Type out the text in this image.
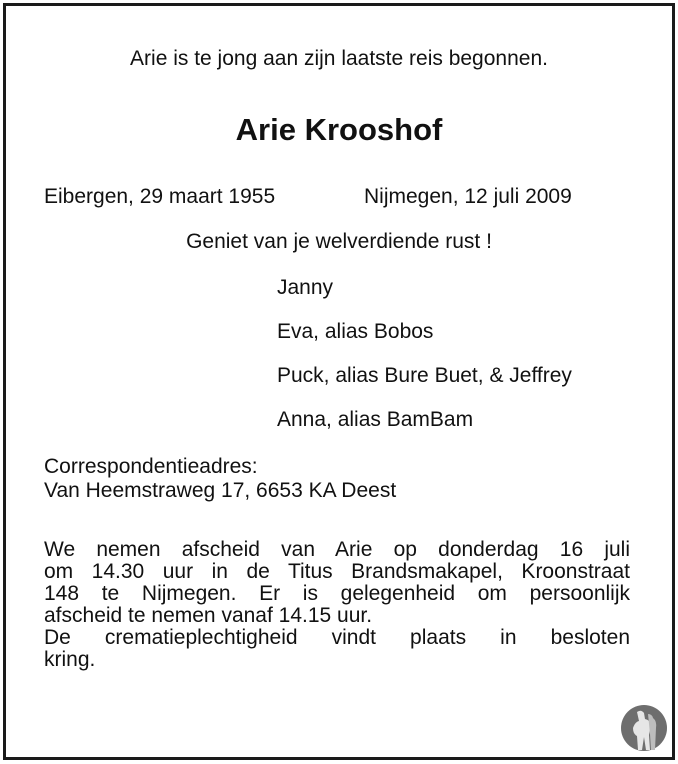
Arie is te jong aan zijn laatste reis begonnen.
Arie Krooshof
Eibergen, 29 maart 1955	Nijmegen, 12 juli 2009
Geniet van je welverdiende rust !
Janny
Eva, alias Bobos
Puck, alias Bure Buet, & Jeffrey
Anna, alias BamBam
Correspondentieadres:
Van Heemstraweg 17, 6653 KA Deest
We nemen afscheid van Arie op donderdag 16 juli
om 14.30 uur in de Titus Brandsmakapel, Kroonstraat
148 te Nijmegen. Er is gelegenheid om persoonlijk
afscheid te nemen vanaf 14.15 uur.
De crematieplechtigheid vindt plaats in besloten
kring.
